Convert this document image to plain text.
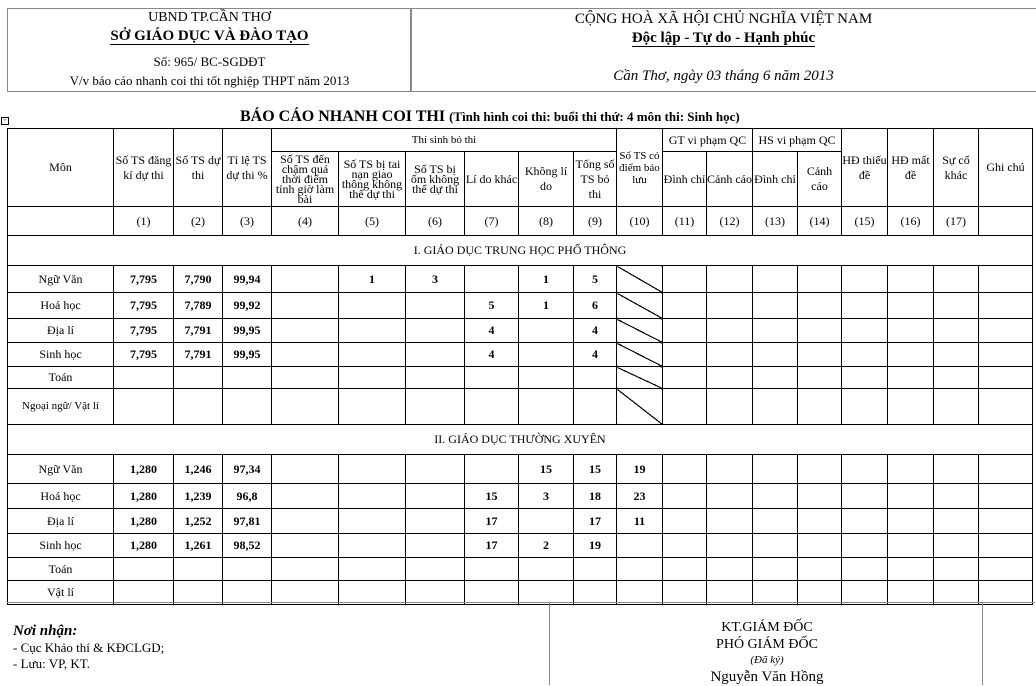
UBND TP.CẦN THƠ
SỞ GIÁO DỤC VÀ ĐÀO TẠO
Số: 965/ BC-SGDĐT
V/v báo cáo nhanh coi thi tốt nghiệp THPT năm 2013
CỘNG HOÀ XÃ HỘI CHỦ NGHĨA VIỆT NAM
Độc lập - Tự do - Hạnh phúc
Cần Thơ, ngày 03 tháng 6 năm 2013
+	BÁO CÁO NHANH COI THI (Tình hình coi thi: buổi thi thứ: 4 môn thi: Sinh học)
Môn	Số TS đăng kí dự thi	Số TS dự thi	Tỉ lệ TS dự thi %	Thí sinh bỏ thi						Số TS có điểm bảo lưu	GT vi phạm QC		HS vi phạm QC		HĐ thiếu đề	HĐ mất đề	Sự cố khác	Ghi chú
				Số TS đến chậm quá thời điểm tính giờ làm bài	Số TS bị tai nạn giao thông không thể dự thi	Số TS bị ốm không thể dự thi	Lí do khác	Không lí do	Tổng số TS bỏ thi		Đình chỉ	Cảnh cáo	Đình chỉ	Cảnh cáo				
	(1)	(2)	(3)	(4)	(5)	(6)	(7)	(8)	(9)	(10)	(11)	(12)	(13)	(14)	(15)	(16)	(17)	
I. GIÁO DỤC TRUNG HỌC PHỔ THÔNG																		
Ngữ Văn	7,795	7,790	99,94		1	3		1	5									
Hoá học	7,795	7,789	99,92				5	1	6									
Địa lí	7,795	7,791	99,95				4		4									
Sinh học	7,795	7,791	99,95				4		4									
Toán																		
Ngoại ngữ/ Vật lí																		
II. GIÁO DỤC THƯỜNG XUYÊN																		
Ngữ Văn	1,280	1,246	97,34					15	15	19								
Hoá học	1,280	1,239	96,8				15	3	18	23								
Địa lí	1,280	1,252	97,81				17		17	11								
Sinh học	1,280	1,261	98,52				17	2	19									
Toán																		
Vật lí																		
Nơi nhận:
- Cục Khảo thí & KĐCLGD;
- Lưu: VP, KT.
KT.GIÁM ĐỐC
PHÓ GIÁM ĐỐC
(Đã ký)
Nguyễn Văn Hồng
